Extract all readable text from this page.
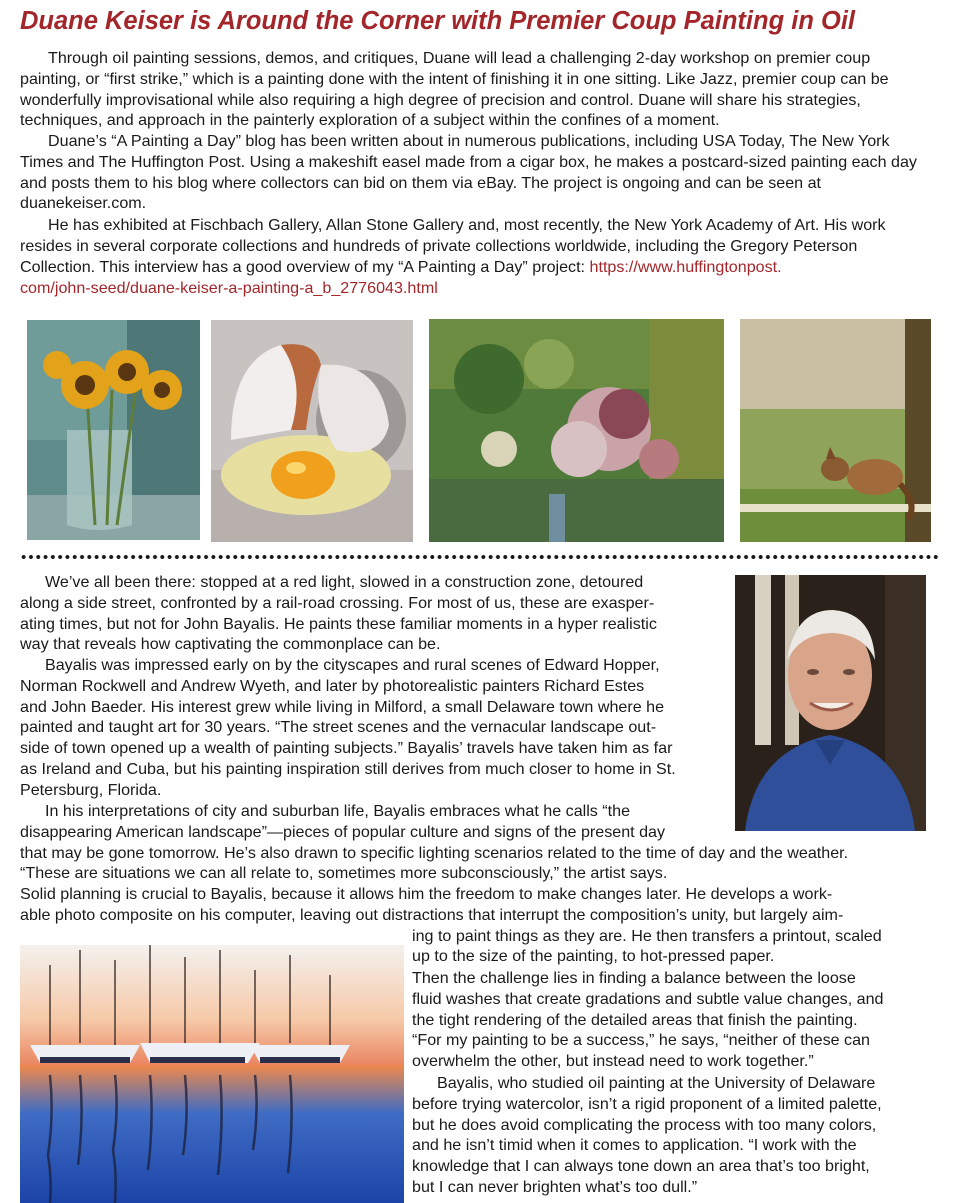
Duane Keiser is Around the Corner with Premier Coup Painting in Oil

Through oil painting sessions, demos, and critiques, Duane will lead a challenging 2-day workshop on premier coup painting, or “first strike,” which is a painting done with the intent of finishing it in one sitting. Like Jazz, premier coup can be wonderfully improvisational while also requiring a high degree of precision and control. Duane will share his strategies, techniques, and approach in the painterly exploration of a subject within the confines of a moment.

Duane’s “A Painting a Day” blog has been written about in numerous publications, including USA Today, The New York Times and The Huffington Post. Using a makeshift easel made from a cigar box, he makes a postcard-sized painting each day and posts them to his blog where collectors can bid on them via eBay. The project is ongoing and can be seen at duanekeiser.com.

He has exhibited at Fischbach Gallery, Allan Stone Gallery and, most recently, the New York Academy of Art. His work resides in several corporate collections and hundreds of private collections worldwide, including the Gregory Peterson Collection. This interview has a good overview of my “A Painting a Day” project: https://www.huffingtonpost.

com/john-seed/duane-keiser-a-painting-a_b_2776043.html

We’ve all been there: stopped at a red light, slowed in a construction zone, detoured
along a side street, confronted by a rail-road crossing. For most of us, these are exasper-
ating times, but not for John Bayalis. He paints these familiar moments in a hyper realistic
way that reveals how captivating the commonplace can be.
Bayalis was impressed early on by the cityscapes and rural scenes of Edward Hopper,
Norman Rockwell and Andrew Wyeth, and later by photorealistic painters Richard Estes
and John Baeder. His interest grew while living in Milford, a small Delaware town where he
painted and taught art for 30 years. “The street scenes and the vernacular landscape out-
side of town opened up a wealth of painting subjects.” Bayalis’ travels have taken him as far
as Ireland and Cuba, but his painting inspiration still derives from much closer to home in St.
Petersburg, Florida.
In his interpretations of city and suburban life, Bayalis embraces what he calls “the
disappearing American landscape”—pieces of popular culture and signs of the present day
that may be gone tomorrow. He’s also drawn to specific lighting scenarios related to the time of day and the weather.
“These are situations we can all relate to, sometimes more subconsciously,” the artist says.
Solid planning is crucial to Bayalis, because it allows him the freedom to make changes later. He develops a work-
able photo composite on his computer, leaving out distractions that interrupt the composition’s unity, but largely aim-
ing to paint things as they are. He then transfers a printout, scaled
up to the size of the painting, to hot-pressed paper.
Then the challenge lies in finding a balance between the loose
fluid washes that create gradations and subtle value changes, and
the tight rendering of the detailed areas that finish the painting.
“For my painting to be a success,” he says, “neither of these can
overwhelm the other, but instead need to work together.”
Bayalis, who studied oil painting at the University of Delaware
before trying watercolor, isn’t a rigid proponent of a limited palette,
but he does avoid complicating the process with too many colors,
and he isn’t timid when it comes to application. “I work with the
knowledge that I can always tone down an area that’s too bright,
but I can never brighten what’s too dull.”
